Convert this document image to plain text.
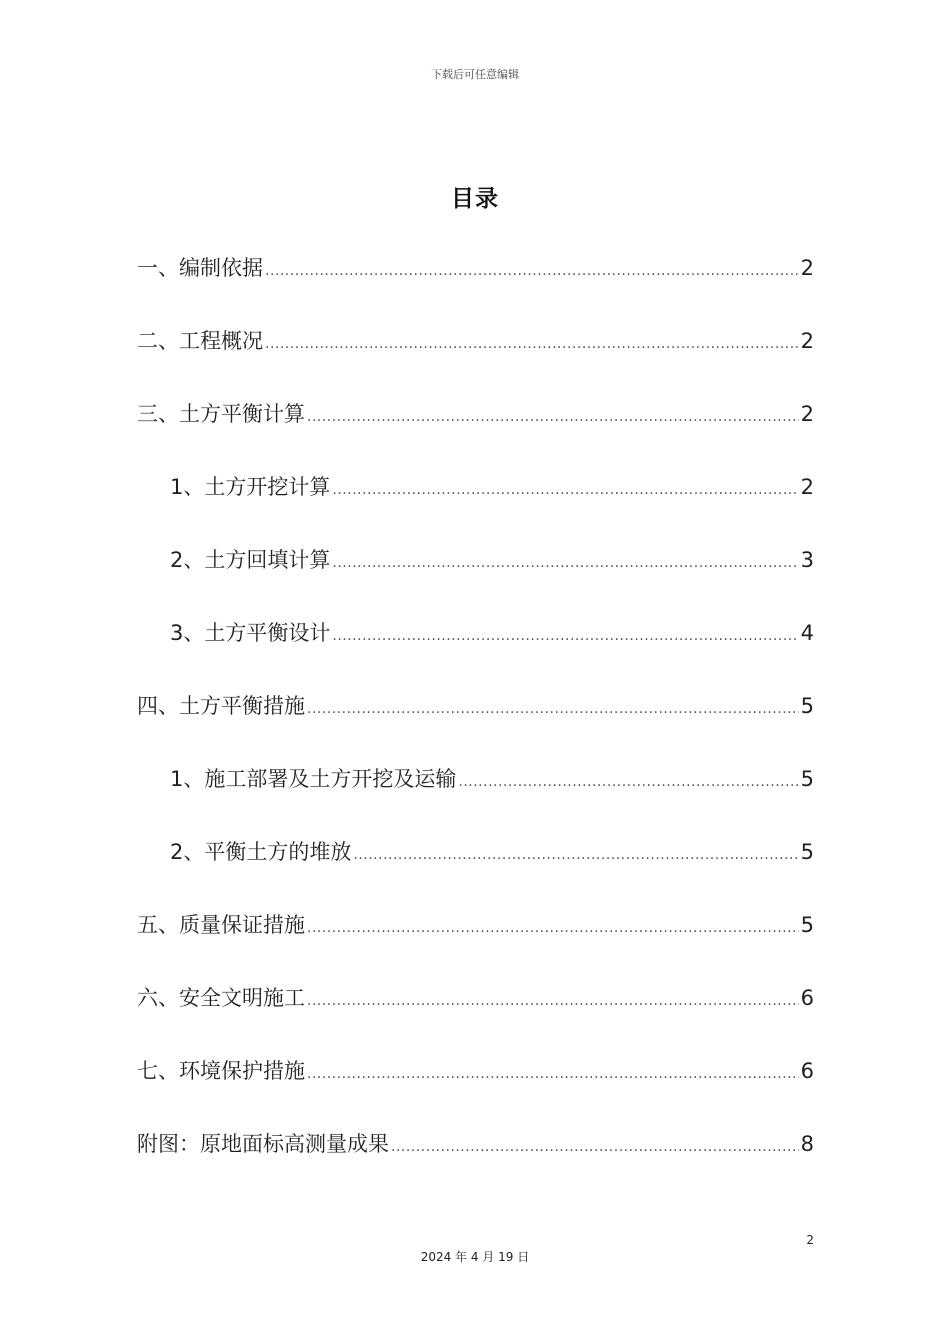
下载后可任意编辑
目录
一、编制依据 .....	2
二、工程概况 .....	2
三、土方平衡计算 .....	2
1、土方开挖计算 .....	2
2、土方回填计算 .....	3
3、土方平衡设计 .....	4
四、土方平衡措施 .....	5
1、施工部署及土方开挖及运输 .....	5
2、平衡土方的堆放 .....	5
五、质量保证措施 .....	5
六、安全文明施工 .....	6
七、环境保护措施 .....	6
附图：原地面标高测量成果 .....	8
2
2024 年 4 月 19 日
